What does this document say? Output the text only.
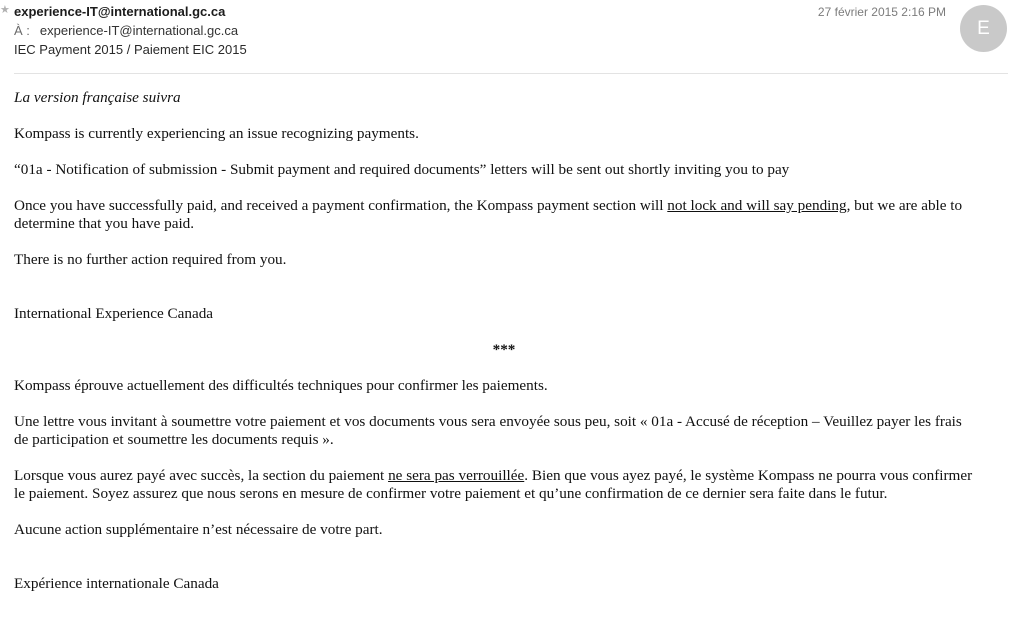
★ experience-IT@international.gc.ca
À : experience-IT@international.gc.ca
IEC Payment 2015 / Paiement EIC 2015
27 février 2015 2:16 PM
E

La version française suivra

Kompass is currently experiencing an issue recognizing payments.

“01a - Notification of submission - Submit payment and required documents” letters will be sent out shortly inviting you to pay

Once you have successfully paid, and received a payment confirmation, the Kompass payment section will not lock and will say pending, but we are able to determine that you have paid.

There is no further action required from you.

International Experience Canada

***

Kompass éprouve actuellement des difficultés techniques pour confirmer les paiements.

Une lettre vous invitant à soumettre votre paiement et vos documents vous sera envoyée sous peu, soit « 01a - Accusé de réception – Veuillez payer les frais de participation et soumettre les documents requis ».

Lorsque vous aurez payé avec succès, la section du paiement ne sera pas verrouillée. Bien que vous ayez payé, le système Kompass ne pourra vous confirmer le paiement. Soyez assurez que nous serons en mesure de confirmer votre paiement et qu’une confirmation de ce dernier sera faite dans le futur.

Aucune action supplémentaire n’est nécessaire de votre part.

Expérience internationale Canada
